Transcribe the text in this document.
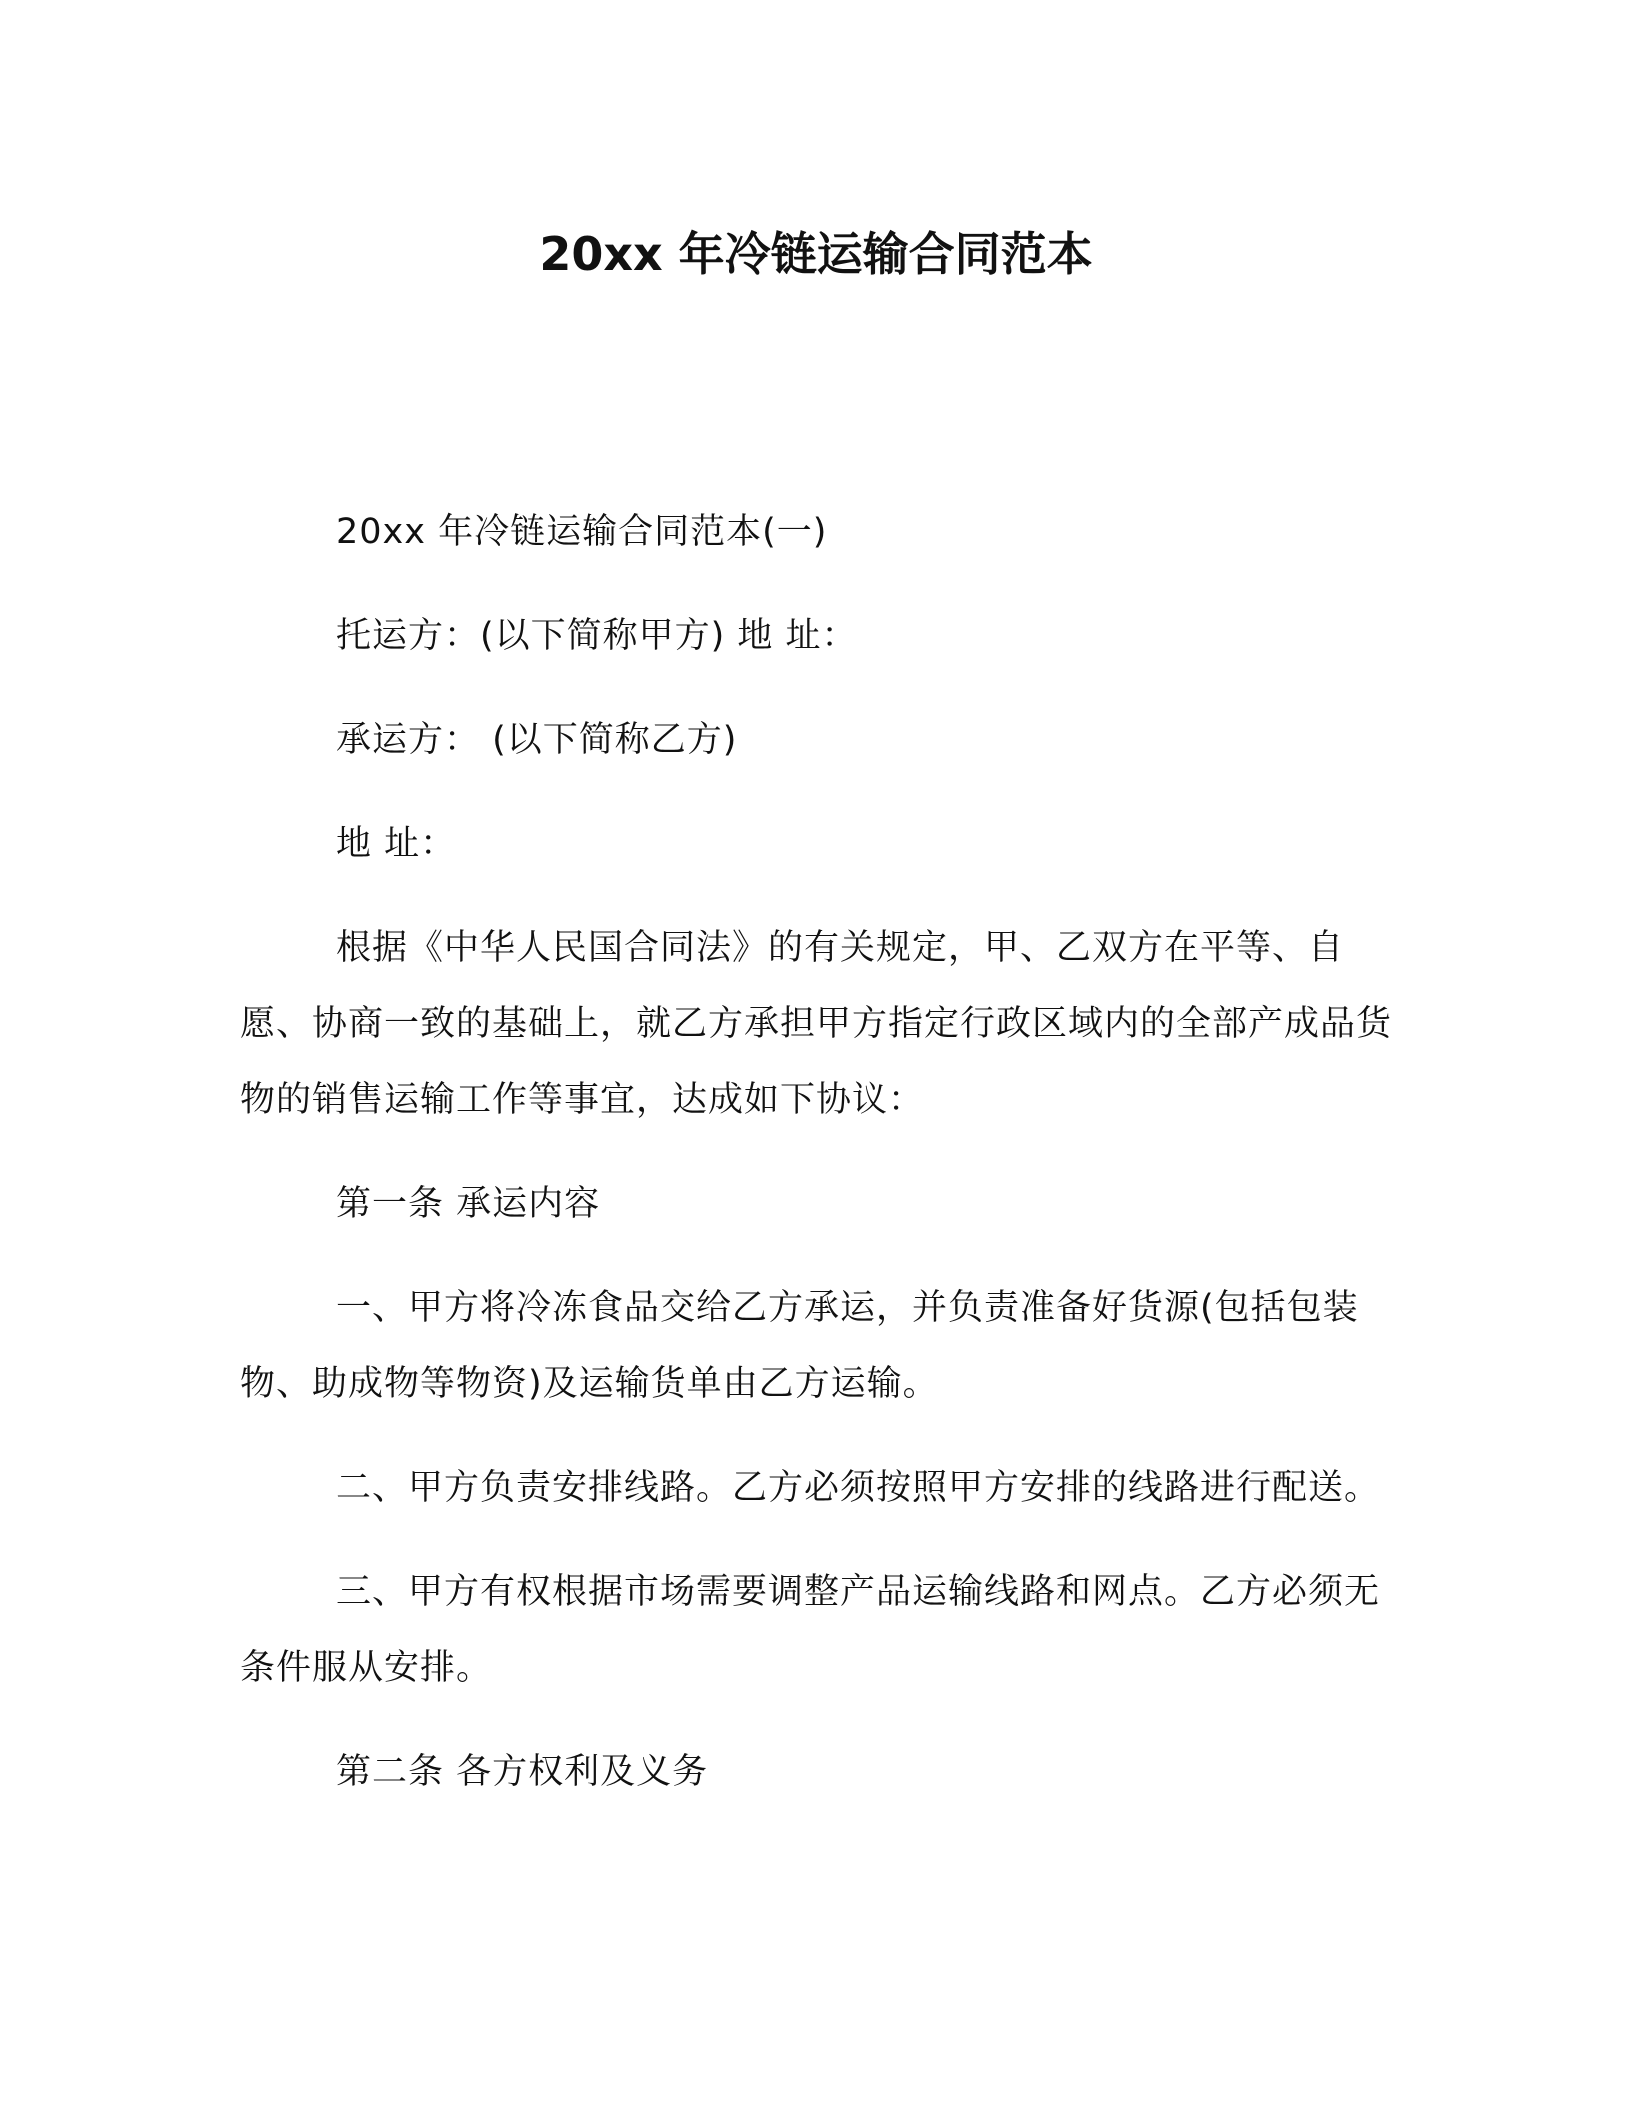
20xx 年冷链运输合同范本

20xx 年冷链运输合同范本(一)

托运方：(以下简称甲方) 地 址：

承运方： (以下简称乙方)

地 址：

根据《中华人民国合同法》的有关规定，甲、乙双方在平等、自愿、协商一致的基础上，就乙方承担甲方指定行政区域内的全部产成品货物的销售运输工作等事宜，达成如下协议：

第一条 承运内容

一、甲方将冷冻食品交给乙方承运，并负责准备好货源(包括包装物、助成物等物资)及运输货单由乙方运输。

二、甲方负责安排线路。乙方必须按照甲方安排的线路进行配送。

三、甲方有权根据市场需要调整产品运输线路和网点。乙方必须无条件服从安排。

第二条 各方权利及义务
